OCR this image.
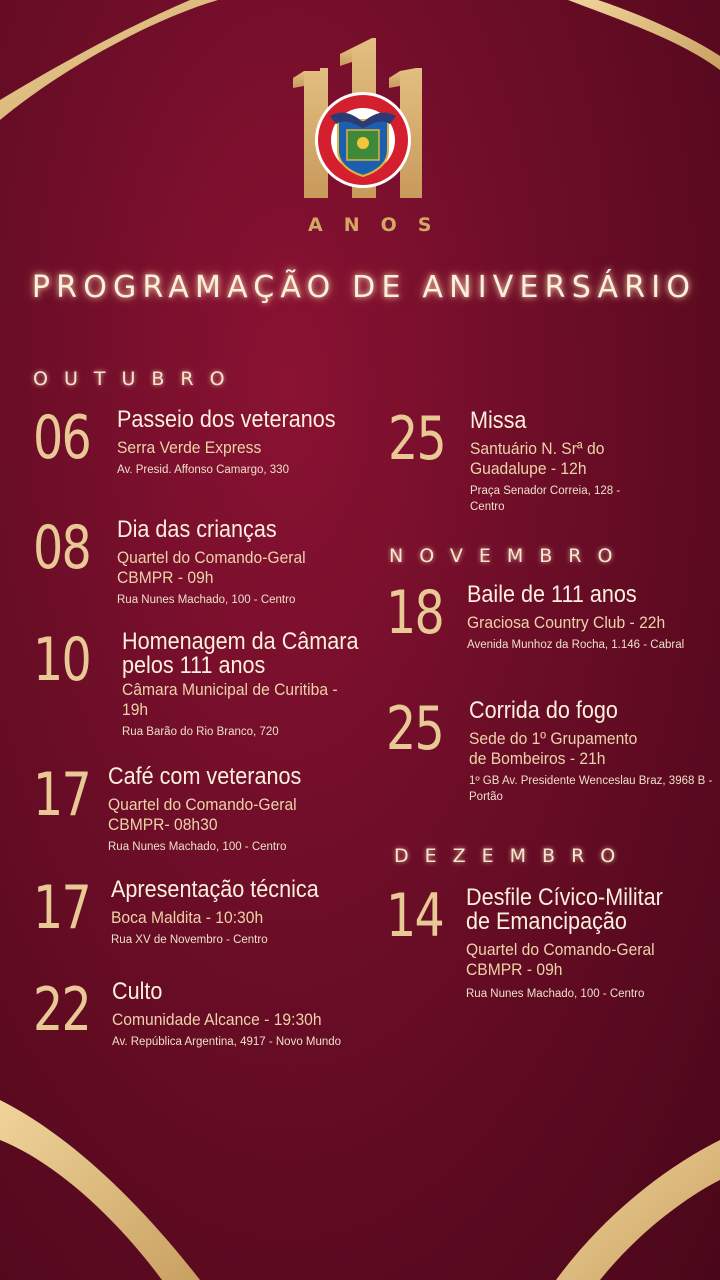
ANOS
PROGRAMAÇÃO DE ANIVERSÁRIO
OUTUBRO
NOVEMBRO
DEZEMBRO
06 Passeio dos veteranos
Serra Verde Express
Av. Presid. Affonso Camargo, 330
08 Dia das crianças
Quartel do Comando-Geral CBMPR - 09h
Rua Nunes Machado, 100 - Centro
10 Homenagem da Câmara pelos 111 anos
Câmara Municipal de Curitiba - 19h
Rua Barão do Rio Branco, 720
17 Café com veteranos
Quartel do Comando-Geral CBMPR- 08h30
Rua Nunes Machado, 100 - Centro
17 Apresentação técnica
Boca Maldita - 10:30h
Rua XV de Novembro - Centro
22 Culto
Comunidade Alcance - 19:30h
Av. República Argentina, 4917 - Novo Mundo
25 Missa
Santuário N. Srª do Guadalupe - 12h
Praça Senador Correia, 128 - Centro
18 Baile de 111 anos
Graciosa Country Club - 22h
Avenida Munhoz da Rocha, 1.146 - Cabral
25 Corrida do fogo
Sede do 1º Grupamento de Bombeiros - 21h
1º GB Av. Presidente Wenceslau Braz, 3968 B - Portão
14 Desfile Cívico-Militar de Emancipação
Quartel do Comando-Geral CBMPR - 09h
Rua Nunes Machado, 100 - Centro
